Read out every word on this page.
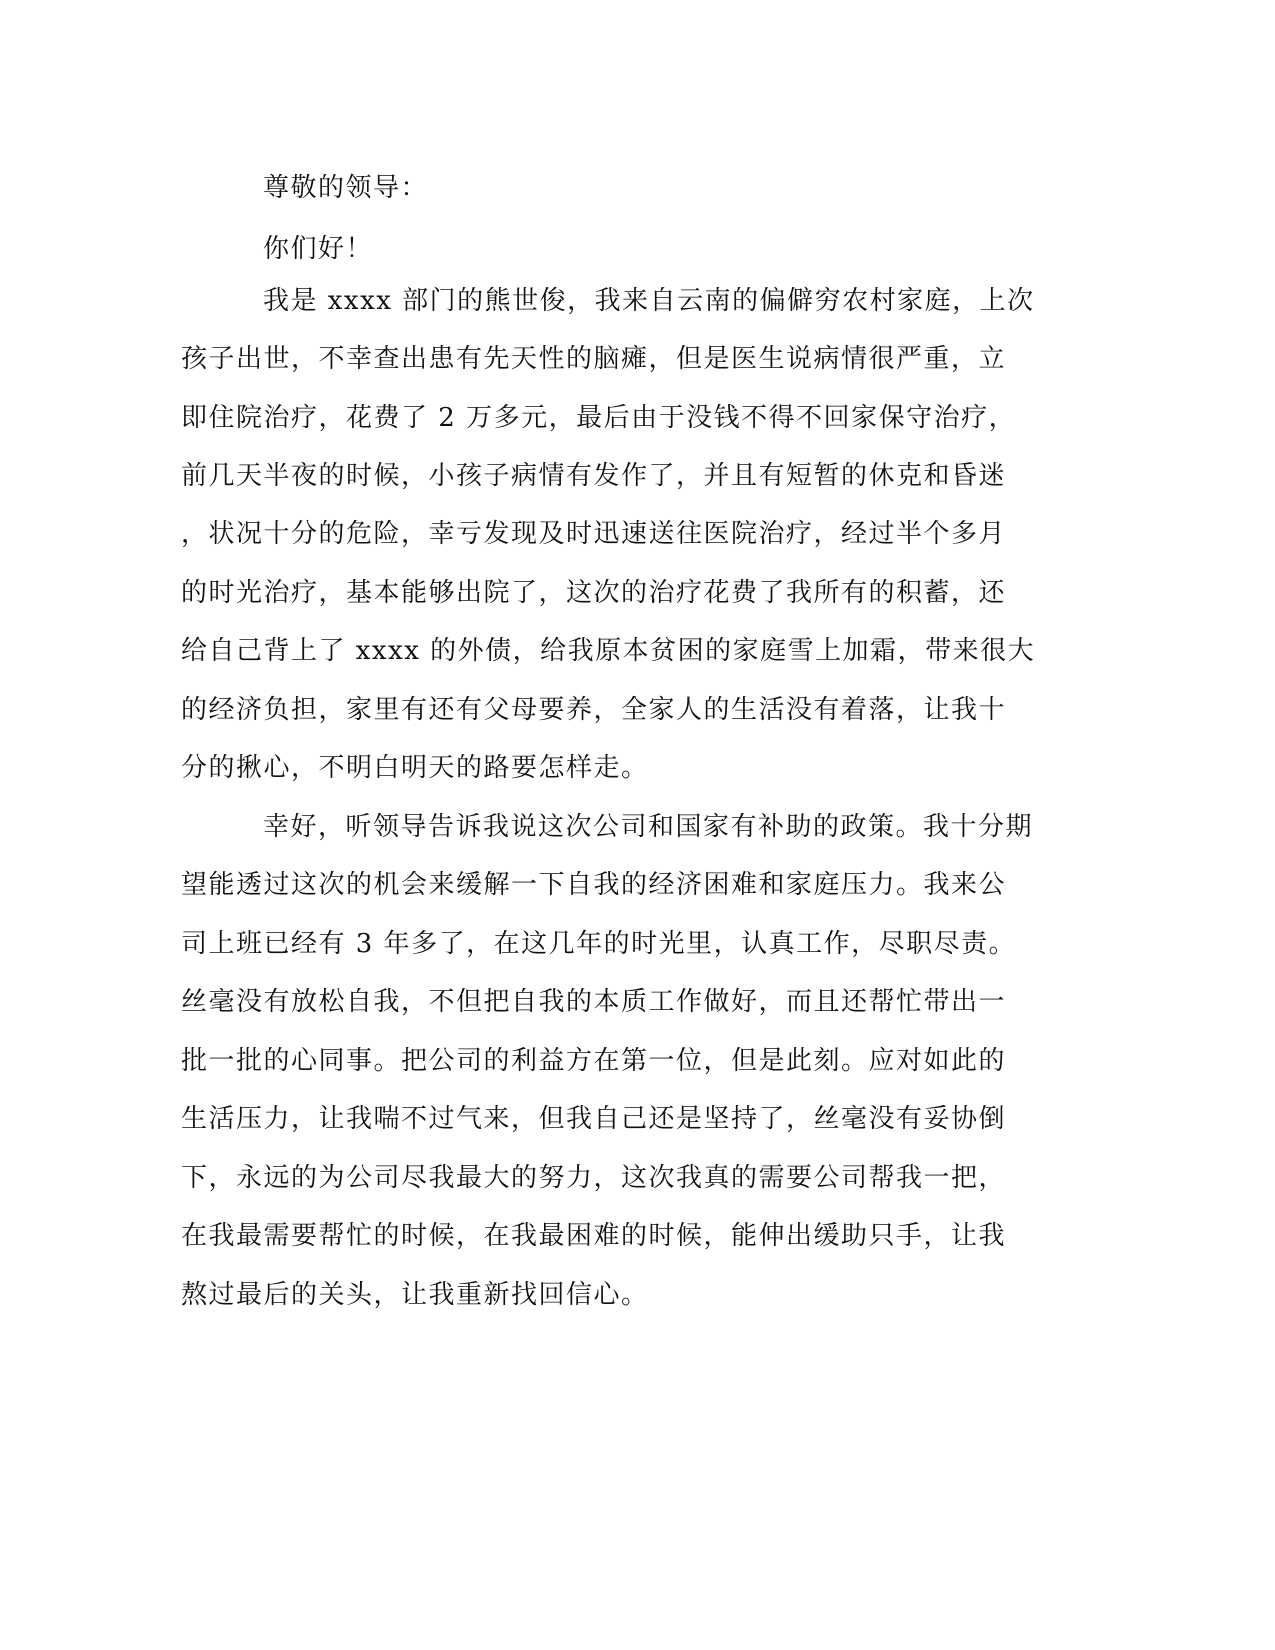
尊敬的领导：
你们好！
我是 xxxx 部门的熊世俊，我来自云南的偏僻穷农村家庭，上次
孩子出世，不幸查出患有先天性的脑瘫，但是医生说病情很严重，立
即住院治疗，花费了 2 万多元，最后由于没钱不得不回家保守治疗，
前几天半夜的时候，小孩子病情有发作了，并且有短暂的休克和昏迷
，状况十分的危险，幸亏发现及时迅速送往医院治疗，经过半个多月
的时光治疗，基本能够出院了，这次的治疗花费了我所有的积蓄，还
给自己背上了 xxxx 的外债，给我原本贫困的家庭雪上加霜，带来很大
的经济负担，家里有还有父母要养，全家人的生活没有着落，让我十
分的揪心，不明白明天的路要怎样走。
幸好，听领导告诉我说这次公司和国家有补助的政策。我十分期
望能透过这次的机会来缓解一下自我的经济困难和家庭压力。我来公
司上班已经有 3 年多了，在这几年的时光里，认真工作，尽职尽责。
丝毫没有放松自我，不但把自我的本质工作做好，而且还帮忙带出一
批一批的心同事。把公司的利益方在第一位，但是此刻。应对如此的
生活压力，让我喘不过气来，但我自己还是坚持了，丝毫没有妥协倒
下，永远的为公司尽我最大的努力，这次我真的需要公司帮我一把，
在我最需要帮忙的时候，在我最困难的时候，能伸出缓助只手，让我
熬过最后的关头，让我重新找回信心。
